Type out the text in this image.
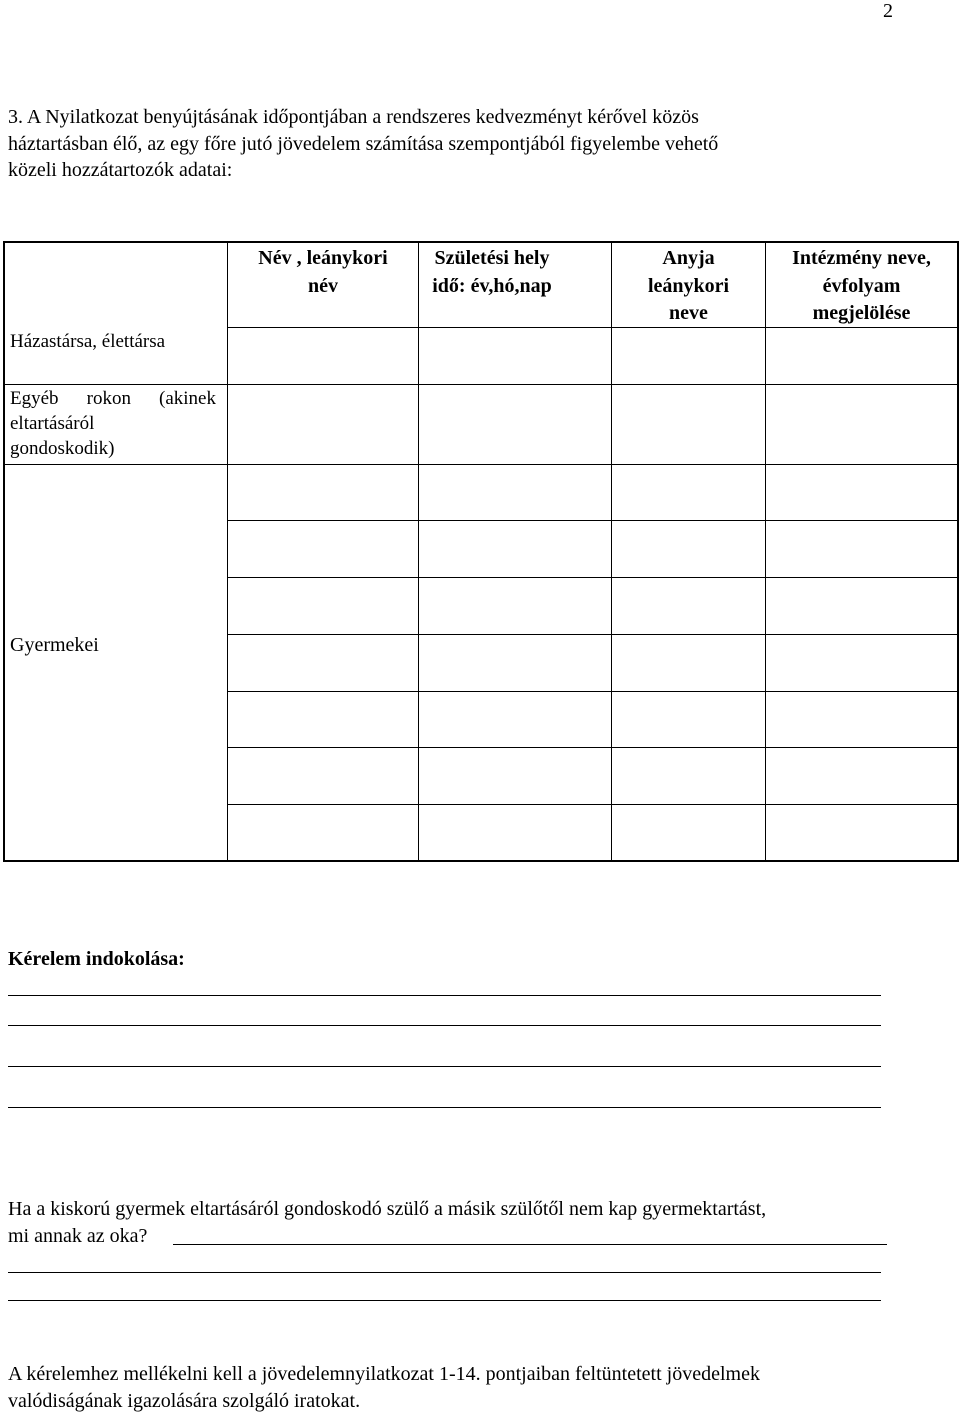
2
3. A Nyilatkozat benyújtásának időpontjában a rendszeres kedvezményt kérővel közös
háztartásban élő, az egy főre jutó jövedelem számítása szempontjából figyelembe vehető
közeli hozzátartozók adatai:
Név , leánykori
név
Születési hely
idő: év,hó,nap
Anyja
leánykori
neve
Intézmény neve,
évfolyam
megjelölése
Házastársa, élettársa
Egyéb rokon (akinek
eltartásáról
gondoskodik)
Gyermekei
Kérelem indokolása:
Ha a kiskorú gyermek eltartásáról gondoskodó szülő a másik szülőtől nem kap gyermektartást,
mi annak az oka?
A kérelemhez mellékelni kell a jövedelemnyilatkozat 1-14. pontjaiban feltüntetett jövedelmek
valódiságának igazolására szolgáló iratokat.
